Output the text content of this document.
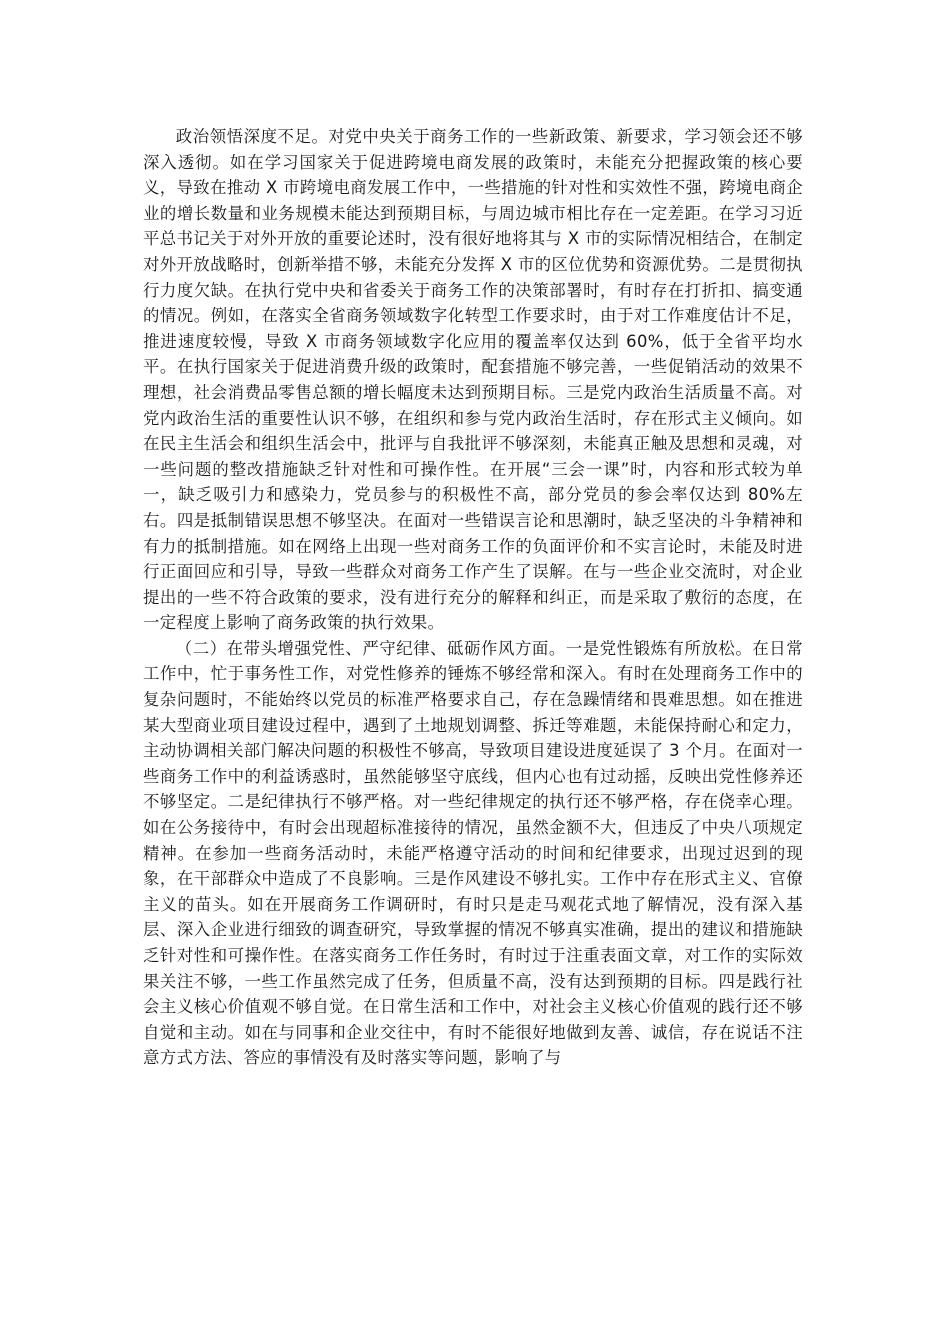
政治领悟深度不足。对党中央关于商务工作的一些新政策、新要求，学习领会还不够深入透彻。如在学习国家关于促进跨境电商发展的政策时，未能充分把握政策的核心要义，导致在推动 X 市跨境电商发展工作中，一些措施的针对性和实效性不强，跨境电商企业的增长数量和业务规模未能达到预期目标，与周边城市相比存在一定差距。在学习习近平总书记关于对外开放的重要论述时，没有很好地将其与 X 市的实际情况相结合，在制定对外开放战略时，创新举措不够，未能充分发挥 X 市的区位优势和资源优势。二是贯彻执行力度欠缺。在执行党中央和省委关于商务工作的决策部署时，有时存在打折扣、搞变通的情况。例如，在落实全省商务领域数字化转型工作要求时，由于对工作难度估计不足，推进速度较慢，导致 X 市商务领域数字化应用的覆盖率仅达到 60%，低于全省平均水平。在执行国家关于促进消费升级的政策时，配套措施不够完善，一些促销活动的效果不理想，社会消费品零售总额的增长幅度未达到预期目标。三是党内政治生活质量不高。对党内政治生活的重要性认识不够，在组织和参与党内政治生活时，存在形式主义倾向。如在民主生活会和组织生活会中，批评与自我批评不够深刻，未能真正触及思想和灵魂，对一些问题的整改措施缺乏针对性和可操作性。在开展“三会一课”时，内容和形式较为单一，缺乏吸引力和感染力，党员参与的积极性不高，部分党员的参会率仅达到 80%左右。四是抵制错误思想不够坚决。在面对一些错误言论和思潮时，缺乏坚决的斗争精神和有力的抵制措施。如在网络上出现一些对商务工作的负面评价和不实言论时，未能及时进行正面回应和引导，导致一些群众对商务工作产生了误解。在与一些企业交流时，对企业提出的一些不符合政策的要求，没有进行充分的解释和纠正，而是采取了敷衍的态度，在一定程度上影响了商务政策的执行效果。

（二）在带头增强党性、严守纪律、砥砺作风方面。一是党性锻炼有所放松。在日常工作中，忙于事务性工作，对党性修养的锤炼不够经常和深入。有时在处理商务工作中的复杂问题时，不能始终以党员的标准严格要求自己，存在急躁情绪和畏难思想。如在推进某大型商业项目建设过程中，遇到了土地规划调整、拆迁等难题，未能保持耐心和定力，主动协调相关部门解决问题的积极性不够高，导致项目建设进度延误了 3 个月。在面对一些商务工作中的利益诱惑时，虽然能够坚守底线，但内心也有过动摇，反映出党性修养还不够坚定。二是纪律执行不够严格。对一些纪律规定的执行还不够严格，存在侥幸心理。如在公务接待中，有时会出现超标准接待的情况，虽然金额不大，但违反了中央八项规定精神。在参加一些商务活动时，未能严格遵守活动的时间和纪律要求，出现过迟到的现象，在干部群众中造成了不良影响。三是作风建设不够扎实。工作中存在形式主义、官僚主义的苗头。如在开展商务工作调研时，有时只是走马观花式地了解情况，没有深入基层、深入企业进行细致的调查研究，导致掌握的情况不够真实准确，提出的建议和措施缺乏针对性和可操作性。在落实商务工作任务时，有时过于注重表面文章，对工作的实际效果关注不够，一些工作虽然完成了任务，但质量不高，没有达到预期的目标。四是践行社会主义核心价值观不够自觉。在日常生活和工作中，对社会主义核心价值观的践行还不够自觉和主动。如在与同事和企业交往中，有时不能很好地做到友善、诚信，存在说话不注意方式方法、答应的事情没有及时落实等问题，影响了与
